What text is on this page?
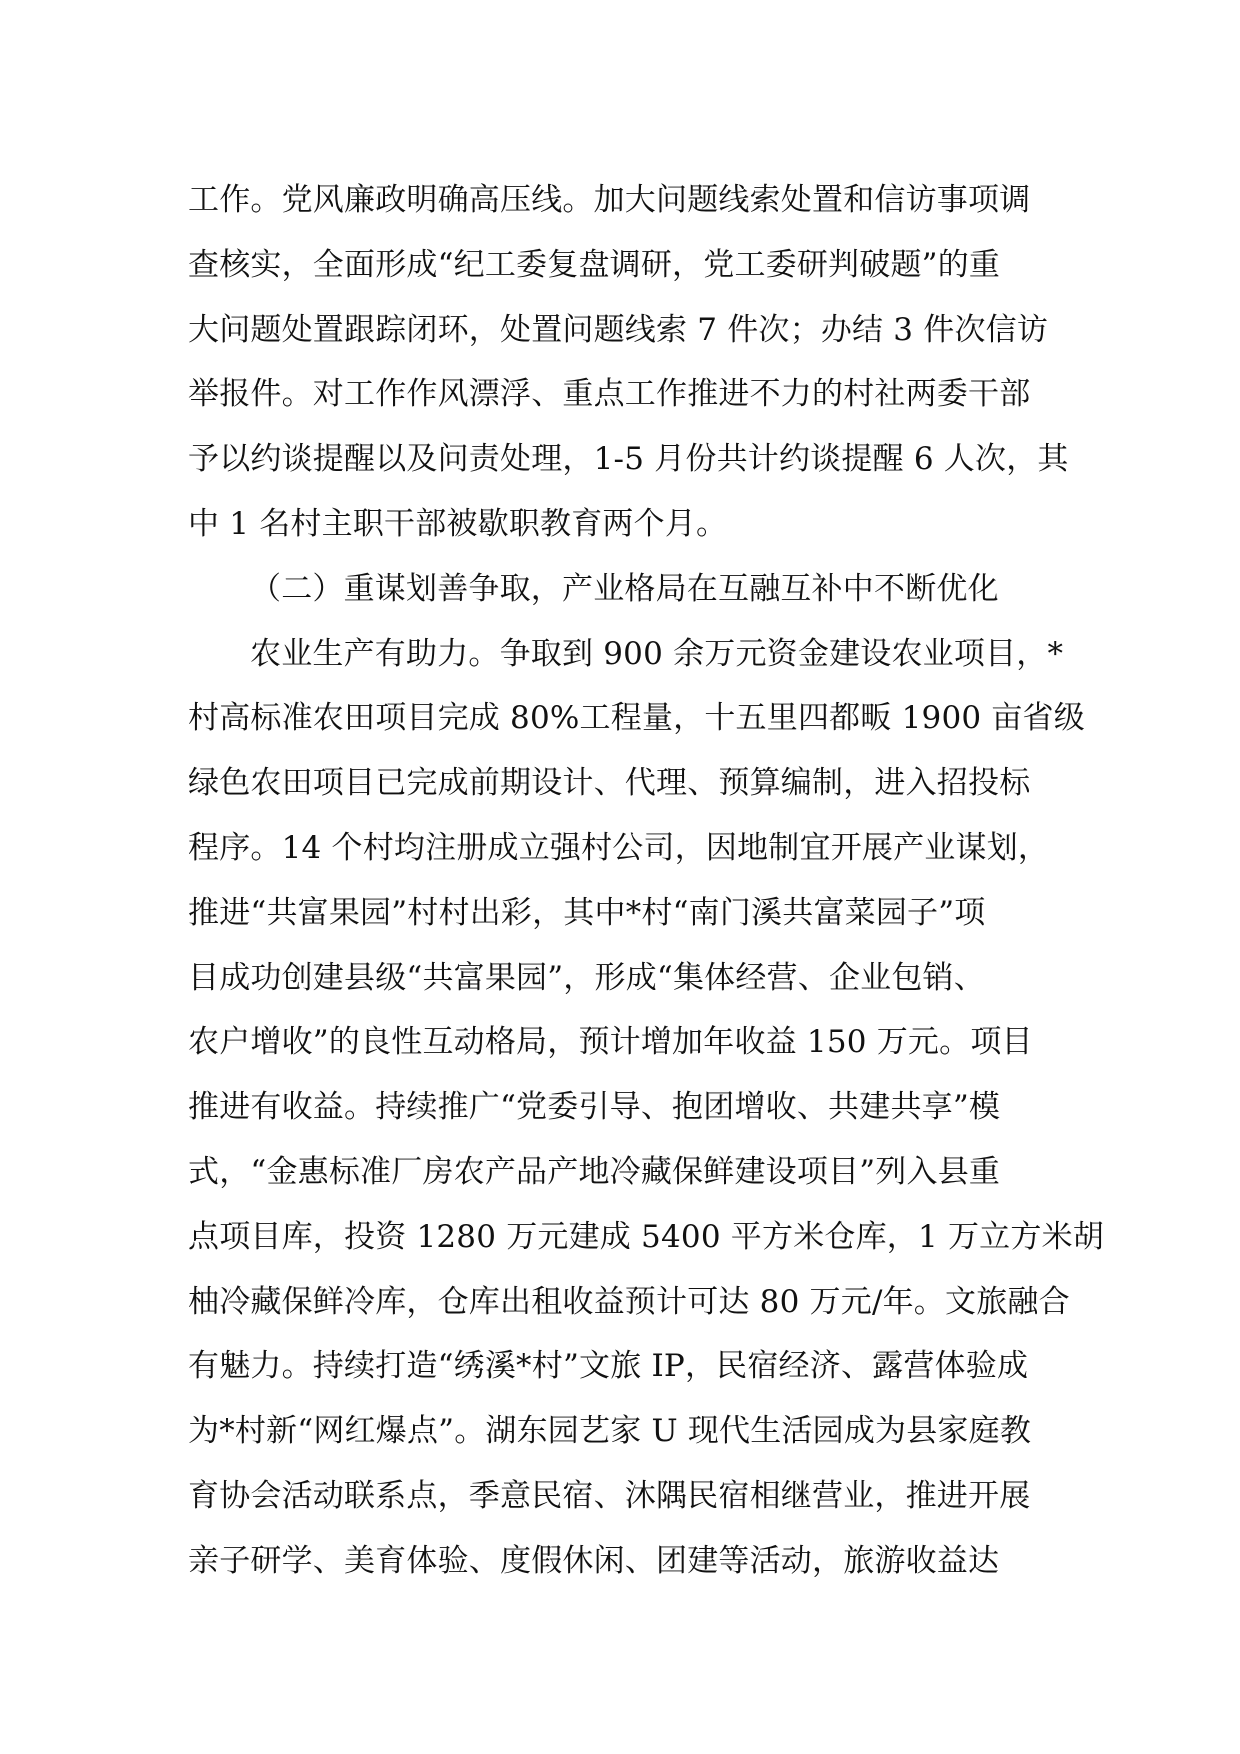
工作。党风廉政明确高压线。加大问题线索处置和信访事项调
查核实，全面形成“纪工委复盘调研，党工委研判破题”的重
大问题处置跟踪闭环，处置问题线索 7 件次；办结 3 件次信访
举报件。对工作作风漂浮、重点工作推进不力的村社两委干部
予以约谈提醒以及问责处理，1-5 月份共计约谈提醒 6 人次，其
中 1 名村主职干部被歇职教育两个月。
（二）重谋划善争取，产业格局在互融互补中不断优化
农业生产有助力。争取到 900 余万元资金建设农业项目，*
村高标准农田项目完成 80%工程量，十五里四都畈 1900 亩省级
绿色农田项目已完成前期设计、代理、预算编制，进入招投标
程序。14 个村均注册成立强村公司，因地制宜开展产业谋划，
推进“共富果园”村村出彩，其中*村“南门溪共富菜园子”项
目成功创建县级“共富果园”，形成“集体经营、企业包销、
农户增收”的良性互动格局，预计增加年收益 150 万元。项目
推进有收益。持续推广“党委引导、抱团增收、共建共享”模
式，“金惠标准厂房农产品产地冷藏保鲜建设项目”列入县重
点项目库，投资 1280 万元建成 5400 平方米仓库，1 万立方米胡
柚冷藏保鲜冷库，仓库出租收益预计可达 80 万元/年。文旅融合
有魅力。持续打造“绣溪*村”文旅 IP，民宿经济、露营体验成
为*村新“网红爆点”。湖东园艺家 U 现代生活园成为县家庭教
育协会活动联系点，季意民宿、沐隅民宿相继营业，推进开展
亲子研学、美育体验、度假休闲、团建等活动，旅游收益达
